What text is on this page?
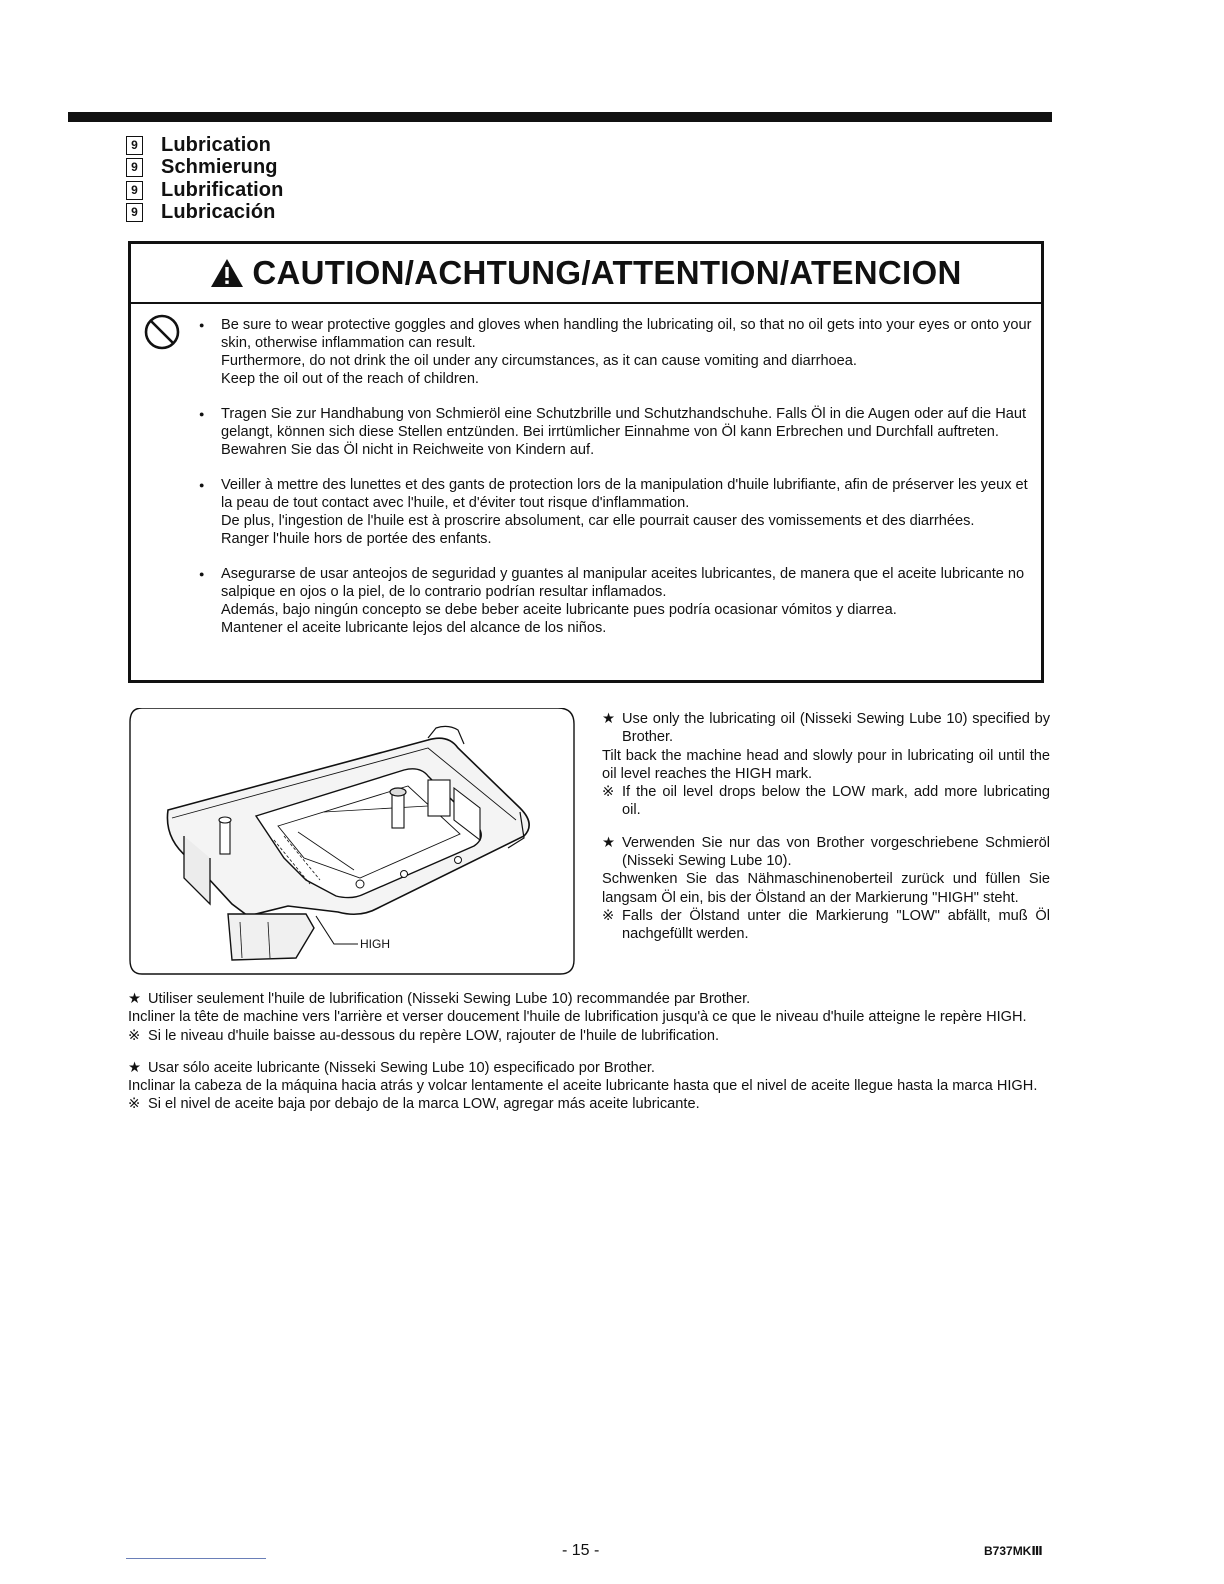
9 Lubrication
9 Schmierung
9 Lubrification
9 Lubricación
CAUTION/ACHTUNG/ATTENTION/ATENCION
● Be sure to wear protective goggles and gloves when handling the lubricating oil, so that no oil gets into your eyes or onto your skin, otherwise inflammation can result.
Furthermore, do not drink the oil under any circumstances, as it can cause vomiting and diarrhoea.
Keep the oil out of the reach of children.
● Tragen Sie zur Handhabung von Schmieröl eine Schutzbrille und Schutzhandschuhe. Falls Öl in die Augen oder auf die Haut gelangt, können sich diese Stellen entzünden. Bei irrtümlicher Einnahme von Öl kann Erbrechen und Durchfall auftreten.
Bewahren Sie das Öl nicht in Reichweite von Kindern auf.
● Veiller à mettre des lunettes et des gants de protection lors de la manipulation d'huile lubrifiante, afin de préserver les yeux et la peau de tout contact avec l'huile, et d'éviter tout risque d'inflammation.
De plus, l'ingestion de l'huile est à proscrire absolument, car elle pourrait causer des vomissements et des diarrhées.
Ranger l'huile hors de portée des enfants.
● Asegurarse de usar anteojos de seguridad y guantes al manipular aceites lubricantes, de manera que el aceite lubricante no salpique en ojos o la piel, de lo contrario podrían resultar inflamados.
Además, bajo ningún concepto se debe beber aceite lubricante pues podría ocasionar vómitos y diarrea.
Mantener el aceite lubricante lejos del alcance de los niños.
HIGH
★ Use only the lubricating oil (Nisseki Sewing Lube 10) specified by Brother.
Tilt back the machine head and slowly pour in lubricating oil until the oil level reaches the HIGH mark.
※ If the oil level drops below the LOW mark, add more lubricating oil.
★ Verwenden Sie nur das von Brother vorgeschriebene Schmieröl (Nisseki Sewing Lube 10).
Schwenken Sie das Nähmaschinenoberteil zurück und füllen Sie langsam Öl ein, bis der Ölstand an der Markierung "HIGH" steht.
※ Falls der Ölstand unter die Markierung "LOW" abfällt, muß Öl nachgefüllt werden.
★ Utiliser seulement l'huile de lubrification (Nisseki Sewing Lube 10) recommandée par Brother.
Incliner la tête de machine vers l'arrière et verser doucement l'huile de lubrification jusqu'à ce que le niveau d'huile atteigne le repère HIGH.
※ Si le niveau d'huile baisse au-dessous du repère LOW, rajouter de l'huile de lubrification.
★ Usar sólo aceite lubricante (Nisseki Sewing Lube 10) especificado por Brother.
Inclinar la cabeza de la máquina hacia atrás y volcar lentamente el aceite lubricante hasta que el nivel de aceite llegue hasta la marca HIGH.
※ Si el nivel de aceite baja por debajo de la marca LOW, agregar más aceite lubricante.
- 15 -	B737MKⅢ
